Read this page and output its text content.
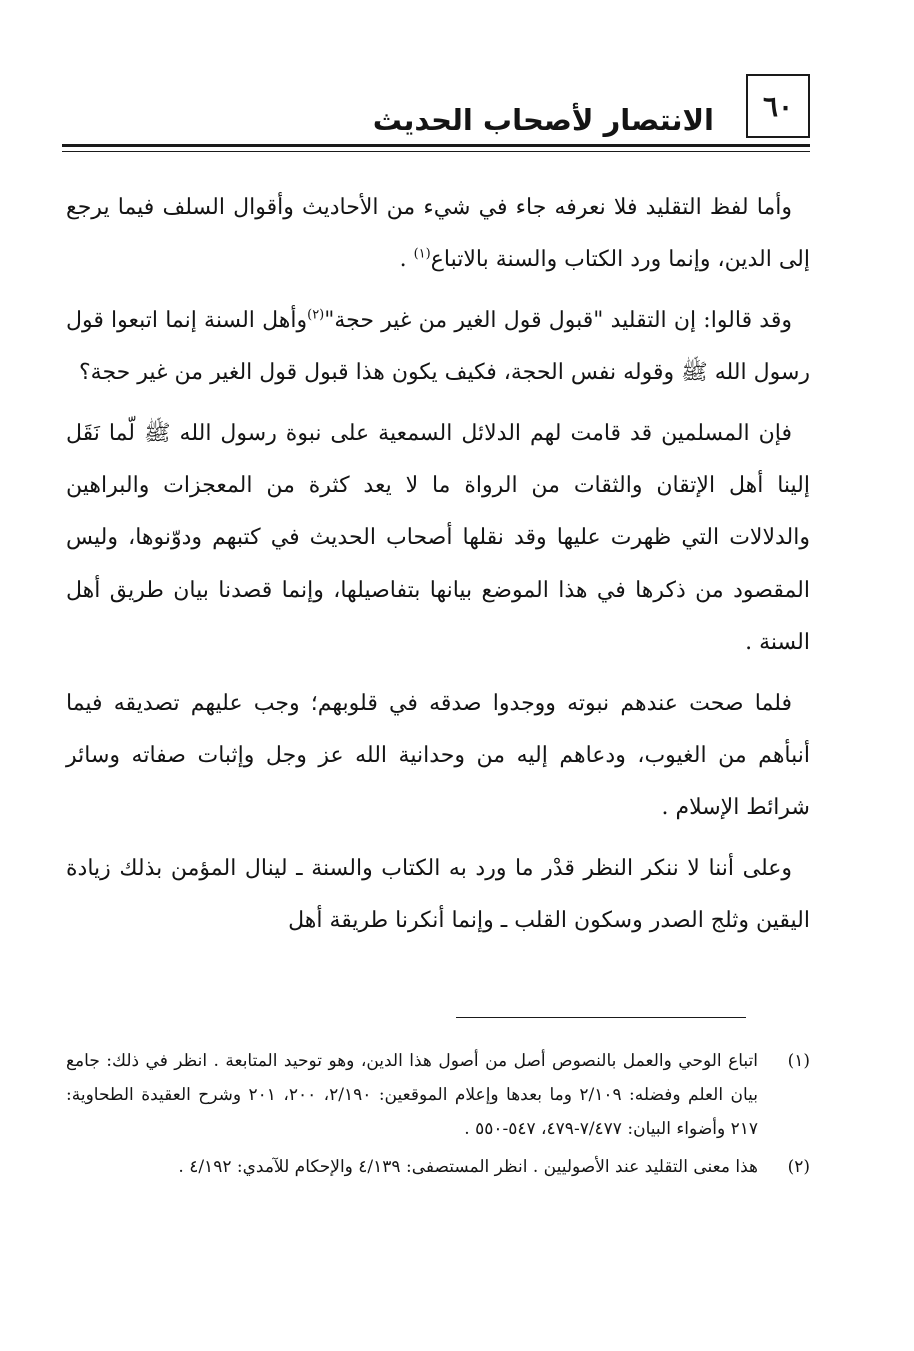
٦٠
الانتصار لأصحاب الحديث

وأما لفظ التقليد فلا نعرفه جاء في شيء من الأحاديث وأقوال السلف فيما يرجع إلى الدين، وإنما ورد الكتاب والسنة بالاتباع$^{(١)}$ .

وقد قالوا: إن التقليد "قبول قول الغير من غير حجة"$^{(٢)}$وأهل السنة إنما اتبعوا قول رسول الله ﷺ وقوله نفس الحجة، فكيف يكون هذا قبول قول الغير من غير حجة؟

فإن المسلمين قد قامت لهم الدلائل السمعية على نبوة رسول الله ﷺ لّما نَقَل إلينا أهل الإتقان والثقات من الرواة ما لا يعد كثرة من المعجزات والبراهين والدلالات التي ظهرت عليها وقد نقلها أصحاب الحديث في كتبهم ودوّنوها، وليس المقصود من ذكرها في هذا الموضع بيانها بتفاصيلها، وإنما قصدنا بيان طريق أهل السنة .

فلما صحت عندهم نبوته ووجدوا صدقه في قلوبهم؛ وجب عليهم تصديقه فيما أنبأهم من الغيوب، ودعاهم إليه من وحدانية الله عز وجل وإثبات صفاته وسائر شرائط الإسلام .

وعلى أننا لا ننكر النظر قدْر ما ورد به الكتاب والسنة ـ لينال المؤمن بذلك زيادة اليقين وثلج الصدر وسكون القلب ـ وإنما أنكرنا طريقة أهل

(١)
اتباع الوحي والعمل بالنصوص أصل من أصول هذا الدين، وهو توحيد المتابعة . انظر في ذلك: جامع بيان العلم وفضله: ٢/١٠٩ وما بعدها وإعلام الموقعين: ٢/١٩٠، ٢٠٠، ٢٠١ وشرح العقيدة الطحاوية: ٢١٧ وأضواء البيان: ٧/٤٧٧-٤٧٩، ٥٤٧-٥٥٠ .
(٢)
هذا معنى التقليد عند الأصوليين . انظر المستصفى: ٤/١٣٩ والإحكام للآمدي: ٤/١٩٢ .
